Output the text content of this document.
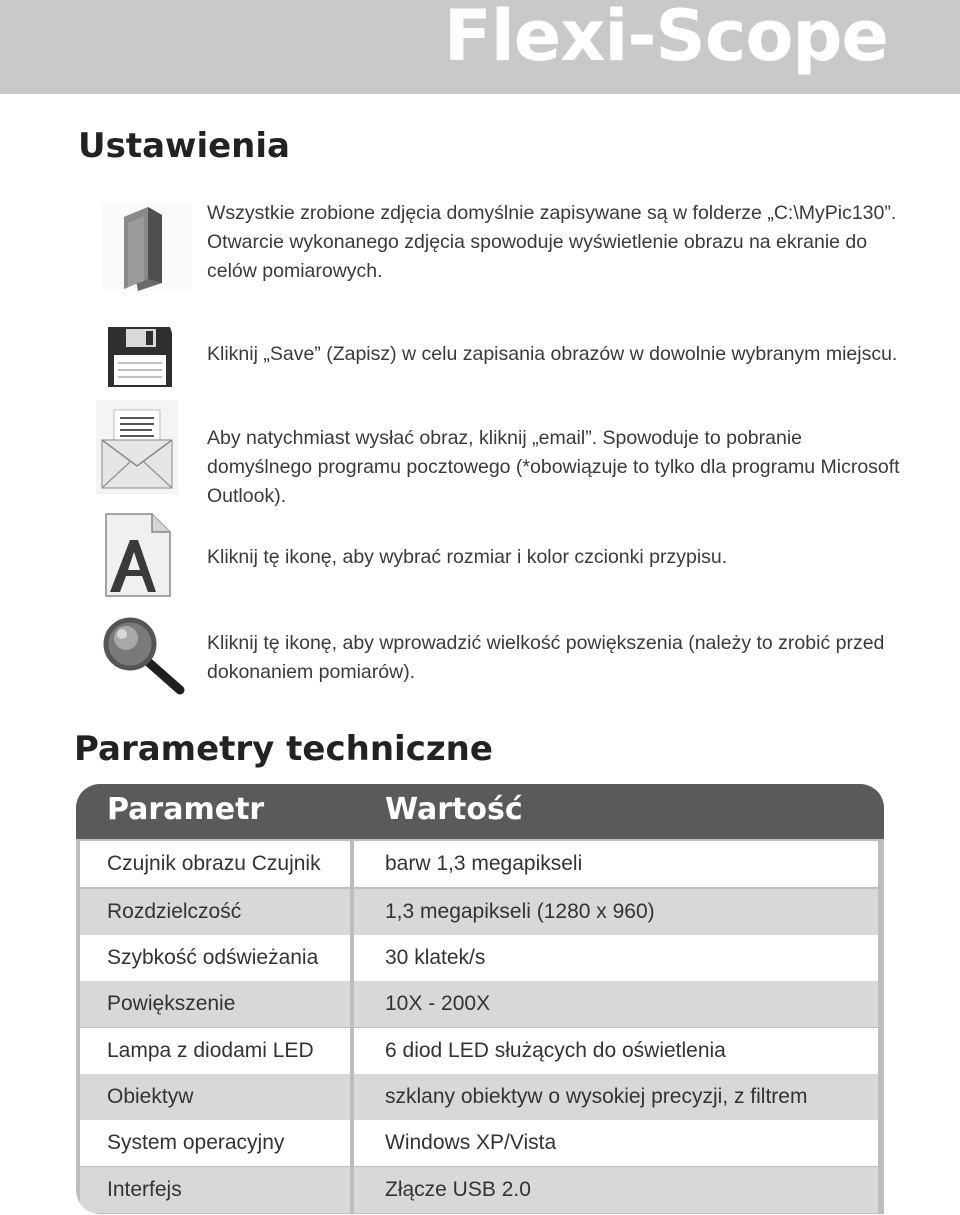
Flexi-Scope
Ustawienia
Wszystkie zrobione zdjęcia domyślnie zapisywane są w folderze „C:\MyPic130”. Otwarcie wykonanego zdjęcia spowoduje wyświetlenie obrazu na ekranie do celów pomiarowych.
Kliknij „Save” (Zapisz) w celu zapisania obrazów w dowolnie wybranym miejscu.
Aby natychmiast wysłać obraz, kliknij „email”. Spowoduje to pobranie domyślnego programu pocztowego (*obowiązuje to tylko dla programu Microsoft Outlook).
Kliknij tę ikonę, aby wybrać rozmiar i kolor czcionki przypisu.
Kliknij tę ikonę, aby wprowadzić wielkość powiększenia (należy to zrobić przed dokonaniem pomiarów).
Parametry techniczne
Parametr	Wartość
Czujnik obrazu Czujnik	barw 1,3 megapikseli
Rozdzielczość	1,3 megapikseli (1280 x 960)
Szybkość odświeżania	30 klatek/s
Powiększenie	10X - 200X
Lampa z diodami LED	6 diod LED służących do oświetlenia
Obiektyw	szklany obiektyw o wysokiej precyzji, z filtrem
System operacyjny	Windows XP/Vista
Interfejs	Złącze USB 2.0
